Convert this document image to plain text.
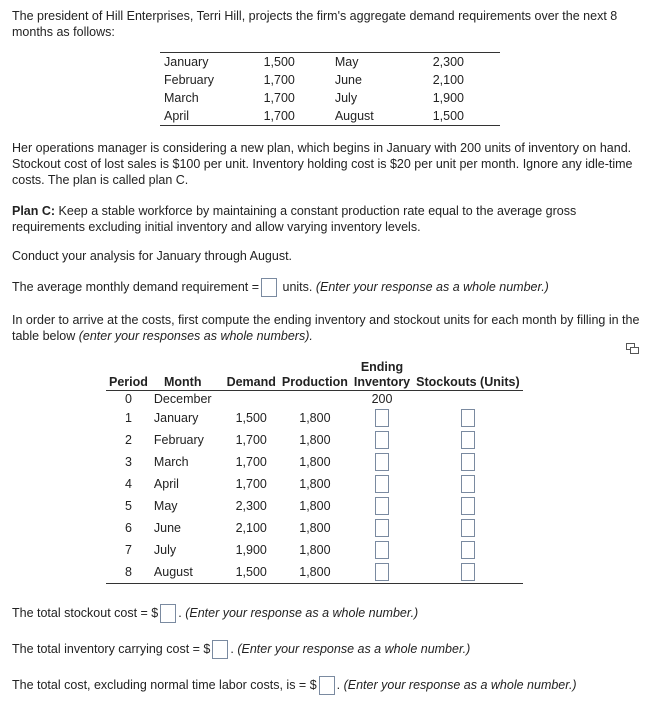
The president of Hill Enterprises, Terri Hill, projects the firm's aggregate demand requirements over the next 8 months as follows:
January	1,500	May	2,300
February	1,700	June	2,100
March	1,700	July	1,900
April	1,700	August	1,500
Her operations manager is considering a new plan, which begins in January with 200 units of inventory on hand. Stockout cost of lost sales is $100 per unit. Inventory holding cost is $20 per unit per month. Ignore any idle-time costs. The plan is called plan C.
Plan C: Keep a stable workforce by maintaining a constant production rate equal to the average gross requirements excluding initial inventory and allow varying inventory levels.
Conduct your analysis for January through August.
The average monthly demand requirement = units. (Enter your response as a whole number.)
In order to arrive at the costs, first compute the ending inventory and stockout units for each month by filling in the table below (enter your responses as whole numbers).
				Ending	
Period	Month	Demand	Production	Inventory	Stockouts (Units)
0	December			200	
1	January	1,500	1,800		
2	February	1,700	1,800		
3	March	1,700	1,800		
4	April	1,700	1,800		
5	May	2,300	1,800		
6	June	2,100	1,800		
7	July	1,900	1,800		
8	August	1,500	1,800		
The total stockout cost = $ . (Enter your response as a whole number.)
The total inventory carrying cost = $ . (Enter your response as a whole number.)
The total cost, excluding normal time labor costs, is = $ . (Enter your response as a whole number.)
